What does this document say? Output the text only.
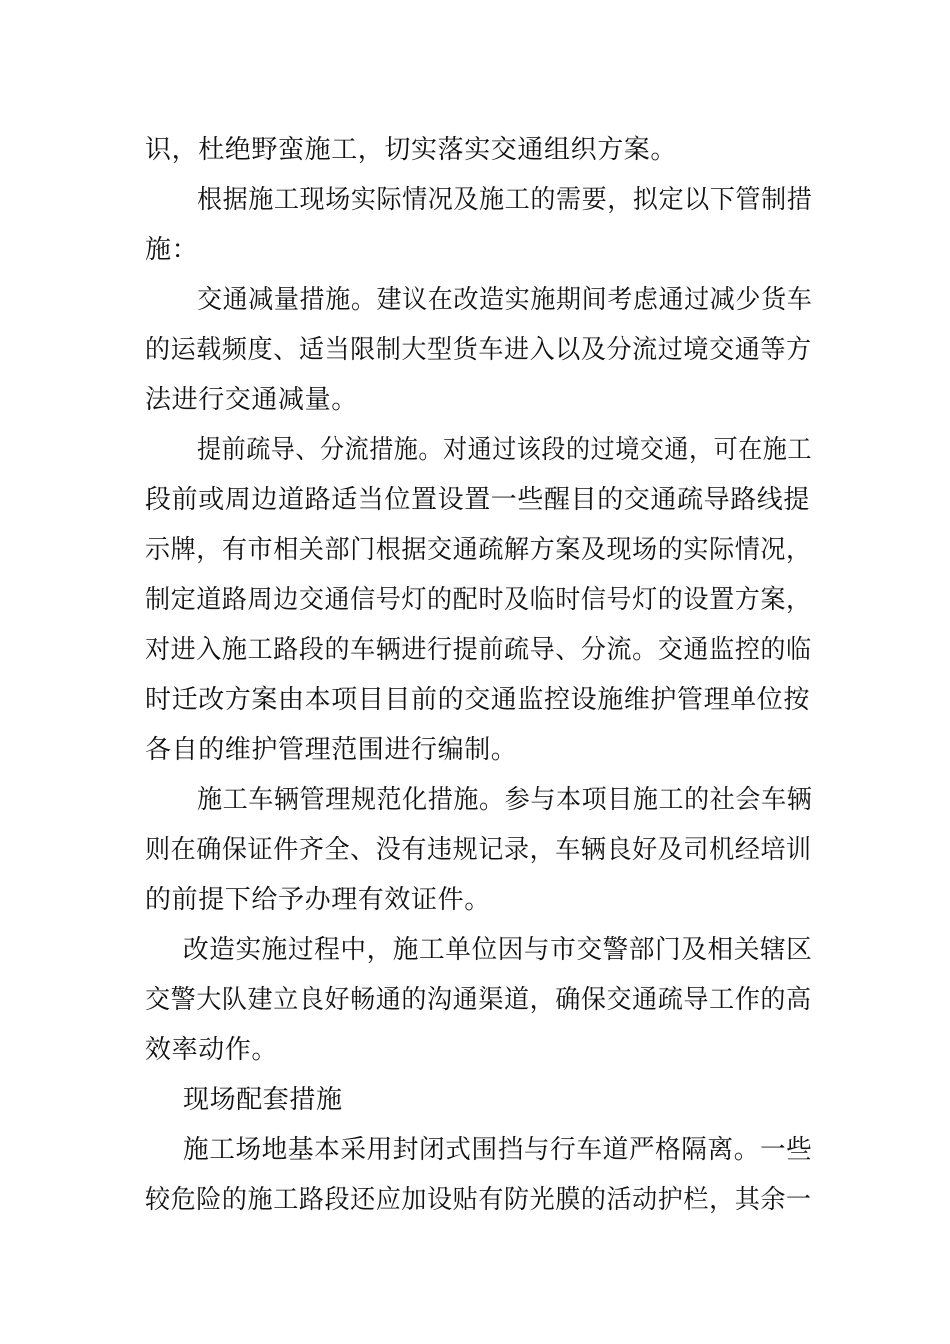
识，杜绝野蛮施工，切实落实交通组织方案。
根据施工现场实际情况及施工的需要，拟定以下管制措
施：
交通减量措施。建议在改造实施期间考虑通过减少货车
的运载频度、适当限制大型货车进入以及分流过境交通等方
法进行交通减量。
提前疏导、分流措施。对通过该段的过境交通，可在施工
段前或周边道路适当位置设置一些醒目的交通疏导路线提
示牌，有市相关部门根据交通疏解方案及现场的实际情况，
制定道路周边交通信号灯的配时及临时信号灯的设置方案，
对进入施工路段的车辆进行提前疏导、分流。交通监控的临
时迁改方案由本项目目前的交通监控设施维护管理单位按
各自的维护管理范围进行编制。
施工车辆管理规范化措施。参与本项目施工的社会车辆
则在确保证件齐全、没有违规记录，车辆良好及司机经培训
的前提下给予办理有效证件。
改造实施过程中，施工单位因与市交警部门及相关辖区
交警大队建立良好畅通的沟通渠道，确保交通疏导工作的高
效率动作。
现场配套措施
施工场地基本采用封闭式围挡与行车道严格隔离。一些
较危险的施工路段还应加设贴有防光膜的活动护栏，其余一
